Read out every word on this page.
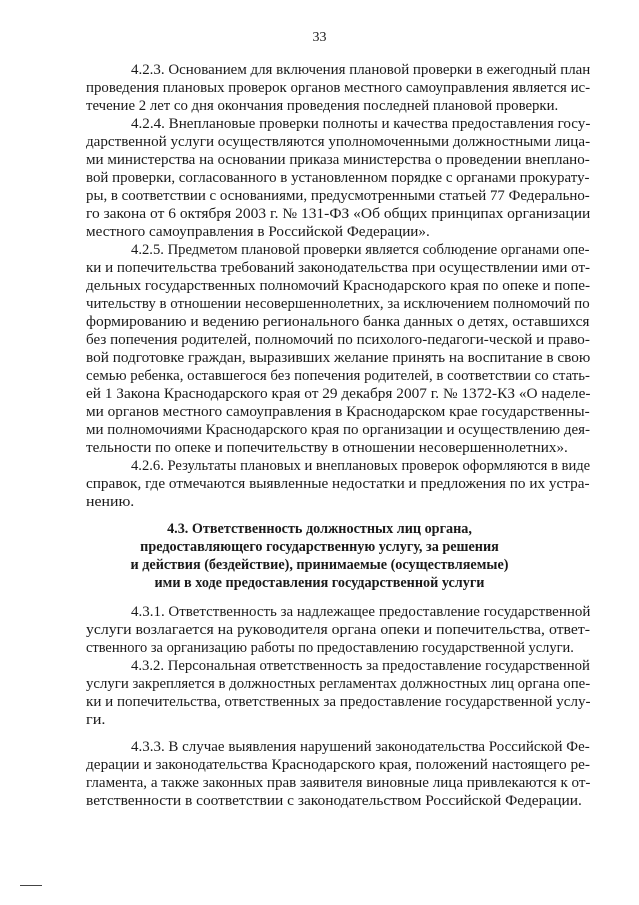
33
4.2.3. Основанием для включения плановой проверки в ежегодный план
проведения плановых проверок органов местного самоуправления является ис-
течение 2 лет со дня окончания проведения последней плановой проверки.
4.2.4. Внеплановые проверки полноты и качества предоставления госу-
дарственной услуги осуществляются уполномоченными должностными лица-
ми министерства на основании приказа министерства о проведении внеплано-
вой проверки, согласованного в установленном порядке с органами прокурату-
ры, в соответствии с основаниями, предусмотренными статьей 77 Федерально-
го закона от 6 октября 2003 г. № 131-ФЗ «Об общих принципах организации
местного самоуправления в Российской Федерации».
4.2.5. Предметом плановой проверки является соблюдение органами опе-
ки и попечительства требований законодательства при осуществлении ими от-
дельных государственных полномочий Краснодарского края по опеке и попе-
чительству в отношении несовершеннолетних, за исключением полномочий по
формированию и ведению регионального банка данных о детях, оставшихся
без попечения родителей, полномочий по психолого-педагоги-ческой и право-
вой подготовке граждан, выразивших желание принять на воспитание в свою
семью ребенка, оставшегося без попечения родителей, в соответствии со стать-
ей 1 Закона Краснодарского края от 29 декабря 2007 г. № 1372-КЗ «О наделе-
ми органов местного самоуправления в Краснодарском крае государственны-
ми полномочиями Краснодарского края по организации и осуществлению дея-
тельности по опеке и попечительству в отношении несовершеннолетних».
4.2.6. Результаты плановых и внеплановых проверок оформляются в виде
справок, где отмечаются выявленные недостатки и предложения по их устра-
нению.
4.3. Ответственность должностных лиц органа,
предоставляющего государственную услугу, за решения
и действия (бездействие), принимаемые (осуществляемые)
ими в ходе предоставления государственной услуги
4.3.1. Ответственность за надлежащее предоставление государственной
услуги возлагается на руководителя органа опеки и попечительства, ответ-
ственного за организацию работы по предоставлению государственной услуги.
4.3.2. Персональная ответственность за предоставление государственной
услуги закрепляется в должностных регламентах должностных лиц органа опе-
ки и попечительства, ответственных за предоставление государственной услу-
ги.
4.3.3. В случае выявления нарушений законодательства Российской Фе-
дерации и законодательства Краснодарского края, положений настоящего ре-
гламента, а также законных прав заявителя виновные лица привлекаются к от-
ветственности в соответствии с законодательством Российской Федерации.
